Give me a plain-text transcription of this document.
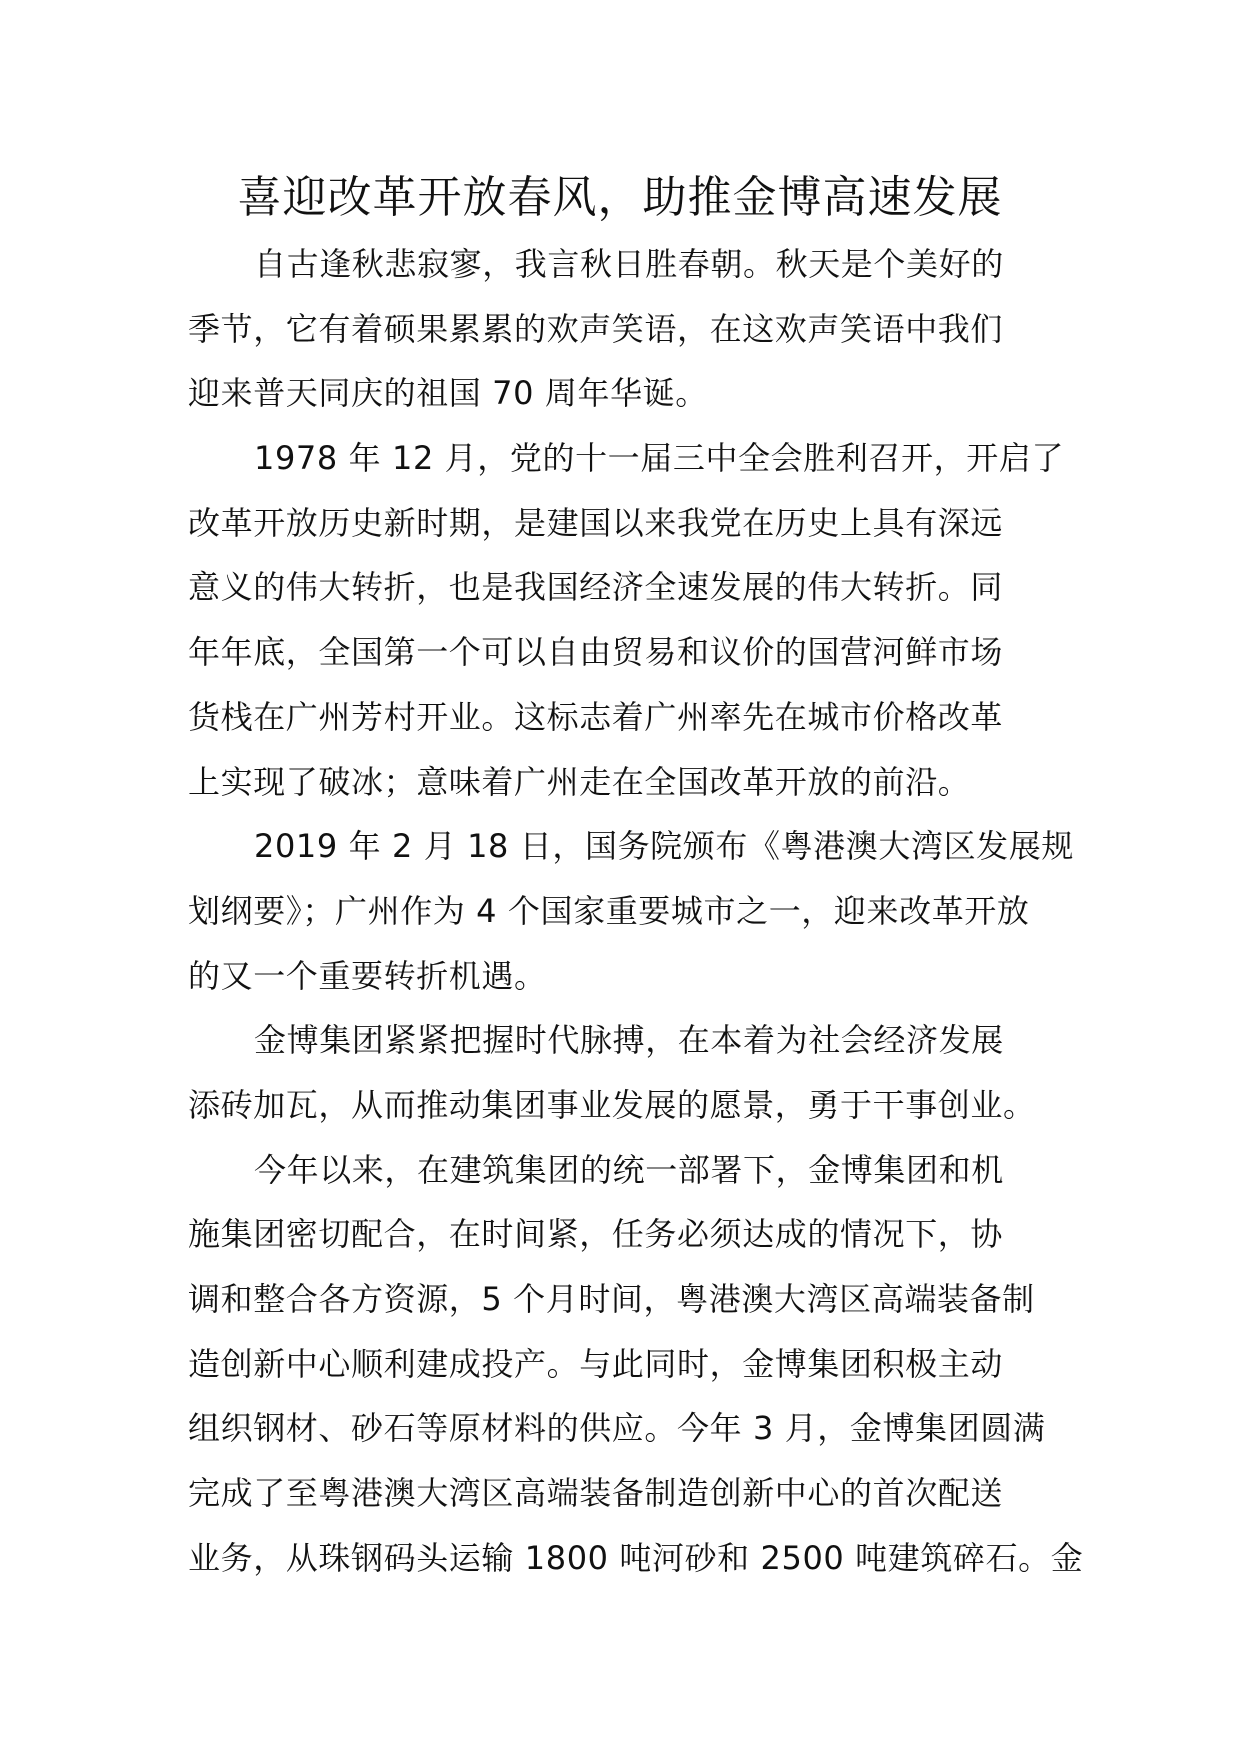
喜迎改革开放春风，助推金博高速发展
自古逢秋悲寂寥，我言秋日胜春朝。秋天是个美好的
季节，它有着硕果累累的欢声笑语，在这欢声笑语中我们
迎来普天同庆的祖国 70 周年华诞。
1978 年 12 月，党的十一届三中全会胜利召开，开启了
改革开放历史新时期，是建国以来我党在历史上具有深远
意义的伟大转折，也是我国经济全速发展的伟大转折。同
年年底，全国第一个可以自由贸易和议价的国营河鲜市场
货栈在广州芳村开业。这标志着广州率先在城市价格改革
上实现了破冰；意味着广州走在全国改革开放的前沿。
2019 年 2 月 18 日，国务院颁布《粤港澳大湾区发展规
划纲要》；广州作为 4 个国家重要城市之一，迎来改革开放
的又一个重要转折机遇。
金博集团紧紧把握时代脉搏，在本着为社会经济发展
添砖加瓦，从而推动集团事业发展的愿景，勇于干事创业。
今年以来，在建筑集团的统一部署下，金博集团和机
施集团密切配合，在时间紧，任务必须达成的情况下，协
调和整合各方资源，5 个月时间，粤港澳大湾区高端装备制
造创新中心顺利建成投产。与此同时，金博集团积极主动
组织钢材、砂石等原材料的供应。今年 3 月，金博集团圆满
完成了至粤港澳大湾区高端装备制造创新中心的首次配送
业务，从珠钢码头运输 1800 吨河砂和 2500 吨建筑碎石。金
